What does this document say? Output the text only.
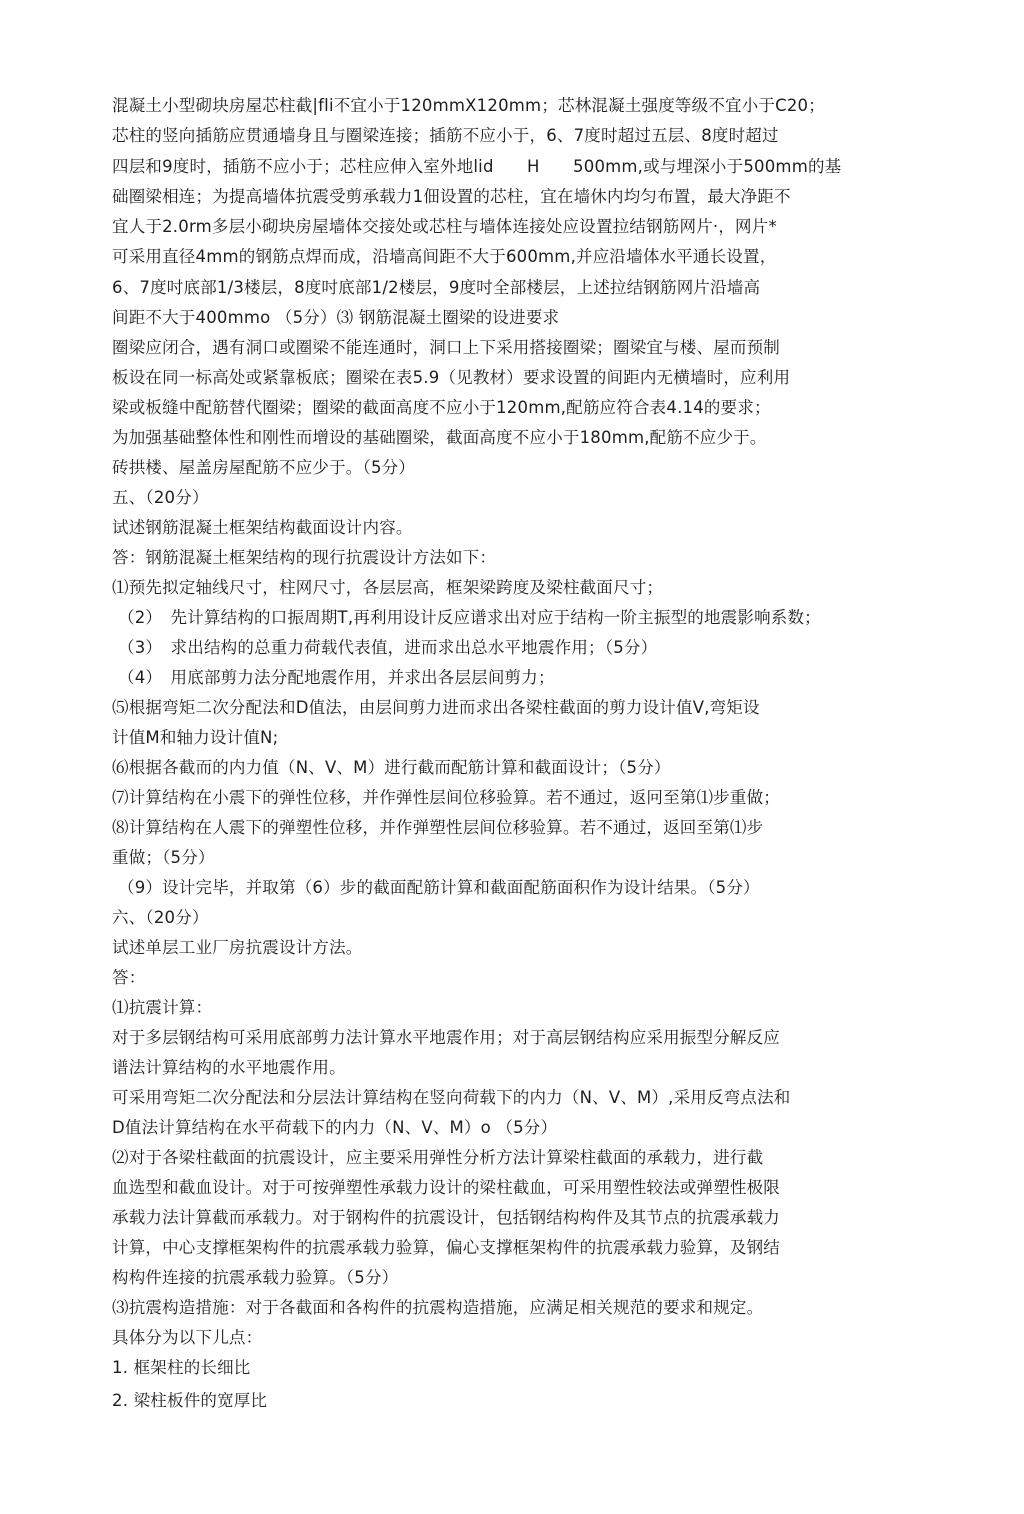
混凝土小型砌块房屋芯柱截|fli不宜小于120mmX120mm；芯林混凝土强度等级不宜小于C20；
芯柱的竖向插筋应贯通墙身且与圈梁连接；插筋不应小于，6、7度时超过五层、8度时超过
四层和9度时，插筋不应小于；芯柱应伸入室外地lid　　H　　500mm,或与埋深小于500mm的基
础圈梁相连；为提高墙体抗震受剪承载力1佃设置的芯柱，宜在墙休内均匀布置，最大净距不
宜人于2.0rm多层小砌块房屋墙体交接处或芯柱与墙体连接处应设置拉结钢筋网片·，网片*
可采用直径4mm的钢筋点焊而成，沿墙高间距不大于600mm,并应沿墙体水平通长设置，
6、7度吋底部1/3楼层，8度吋底部1/2楼层，9度吋全部楼层，上述拉结钢筋网片沿墙高
间距不大于400mmo （5分）⑶ 钢筋混凝土圈梁的设进要求
圈梁应闭合，遇有洞口或圈梁不能连通时，洞口上下采用搭接圈梁；圈梁宜与楼、屋而预制
板设在同一标高处或紧靠板底；圈梁在表5.9（见教材）要求设置的间距内无横墙时，应利用
梁或板缝中配筋替代圈梁；圈梁的截面高度不应小于120mm,配筋应符合表4.14的要求；
为加强基础整体性和刚性而增设的基础圈梁，截面高度不应小于180mm,配筋不应少于。
砖拱楼、屋盖房屋配筋不应少于。（5分）
五、（20分）
试述钢筋混凝土框架结构截面设计内容。
答：钢筋混凝土框架结构的现行抗震设计方法如下：
⑴预先拟定轴线尺寸，柱网尺寸，各层层高，框架梁跨度及梁柱截面尺寸；
（2）　先计算结构的口振周期T,再利用设计反应谱求出对应于结构一阶主振型的地震影响系数；
（3）　求出结构的总重力荷载代表值，进而求出总水平地震作用；（5分）
（4）　用底部剪力法分配地震作用，并求出各层层间剪力；
⑸根据弯矩二次分配法和D值法，由层间剪力进而求出各梁柱截面的剪力设计值V,弯矩设
计值M和轴力设计值N;
⑹根据各截而的内力值（N、V、M）进行截而配筋计算和截面设计；（5分）
⑺计算结构在小震下的弹性位移，并作弹性层间位移验算。若不通过，返冋至第⑴步重做；
⑻计算结构在人震下的弹塑性位移，并作弹塑性层间位移验算。若不通过，返回至第⑴步
重做；（5分）
（9）设计完毕，并取第（6）步的截面配筋计算和截面配筋面积作为设计结果。（5分）
六、（20分）
试述单层工业厂房抗震设计方法。
答：
⑴抗震计算：
对于多层钢结构可采用底部剪力法计算水平地震作用；对于高层钢结构应采用振型分解反应
谱法计算结构的水平地震作用。
可采用弯矩二次分配法和分层法计算结构在竖向荷载下的内力（N、V、M）,采用反弯点法和
D值法计算结构在水平荷载下的内力（N、V、M）o （5分）
⑵对于各梁柱截面的抗震设计，应主要采用弹性分析方法计算梁柱截面的承载力，进行截
血选型和截血设计。对于可按弹塑性承载力设计的梁柱截血，可采用塑性较法或弹塑性极限
承载力法计算截而承载力。对于钢构件的抗震设计，包括钢结构构件及其节点的抗震承载力
计算，中心支撑框架构件的抗震承载力验算，偏心支撑框架构件的抗震承载力验算，及钢结
构构件连接的抗震承载力验算。（5分）
⑶抗震构造措施：对于各截面和各构件的抗震构造措施，应满足相关规范的要求和规定。
具体分为以下儿点：
1. 框架柱的长细比
2. 梁柱板件的宽厚比
